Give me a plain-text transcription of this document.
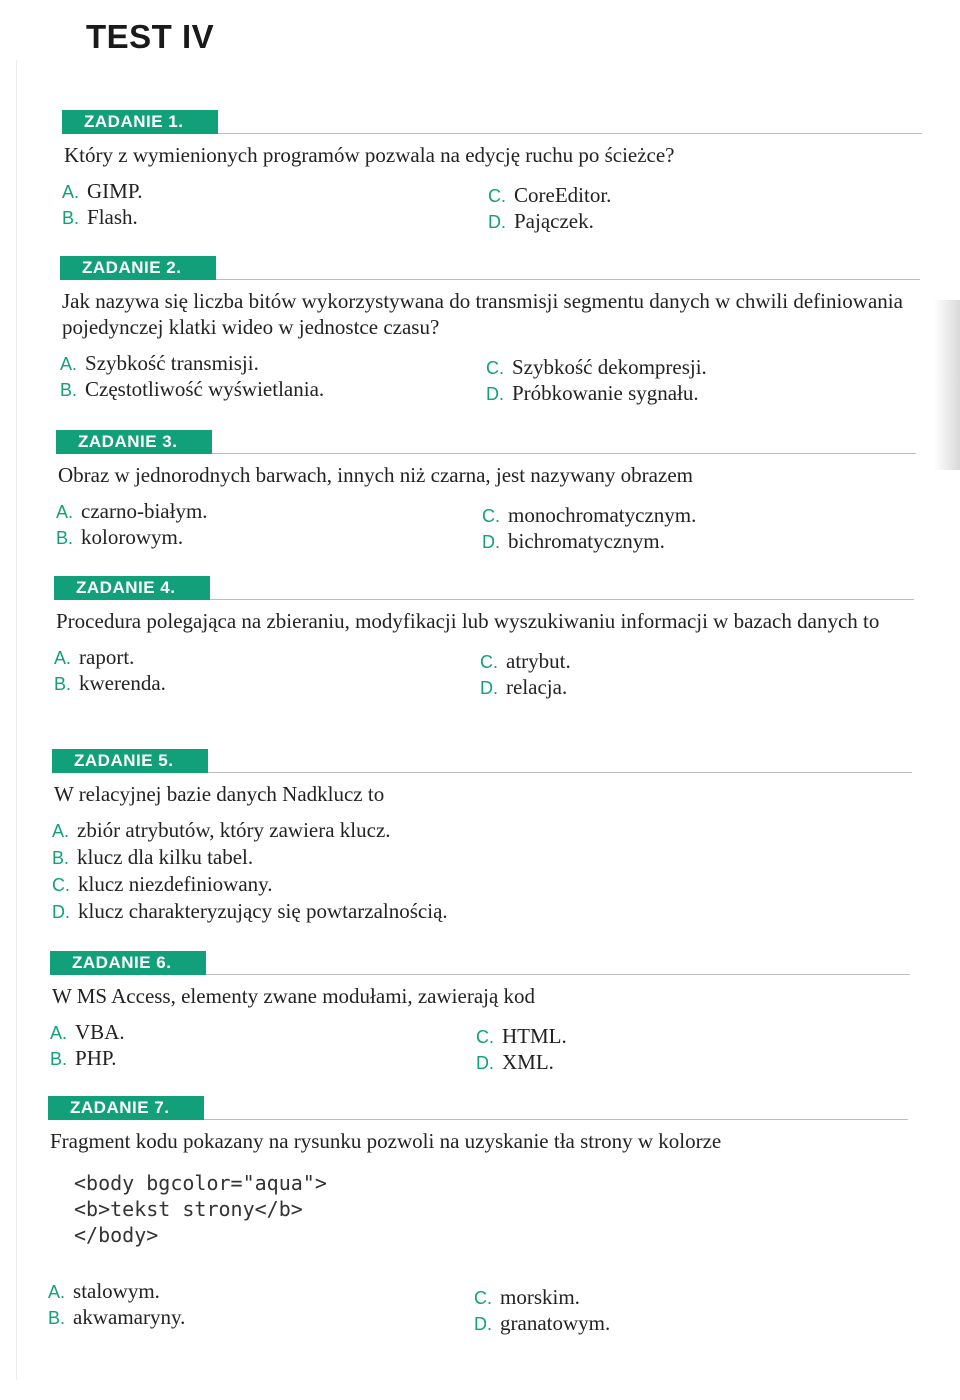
TEST IV
ZADANIE 1.

Który z wymienionych programów pozwala na edycję ruchu po ścieżce?

A. GIMP.
B. Flash.
C. CoreEditor.
D. Pajączek.
ZADANIE 2.

Jak nazywa się liczba bitów wykorzystywana do transmisji segmentu danych w chwili definiowania pojedynczej klatki wideo w jednostce czasu?

A. Szybkość transmisji.
B. Częstotliwość wyświetlania.
C. Szybkość dekompresji.
D. Próbkowanie sygnału.
ZADANIE 3.

Obraz w jednorodnych barwach, innych niż czarna, jest nazywany obrazem

A. czarno-białym.
B. kolorowym.
C. monochromatycznym.
D. bichromatycznym.
ZADANIE 4.

Procedura polegająca na zbieraniu, modyfikacji lub wyszukiwaniu informacji w bazach danych to

A. raport.
B. kwerenda.
C. atrybut.
D. relacja.
ZADANIE 5.

W relacyjnej bazie danych Nadklucz to

A. zbiór atrybutów, który zawiera klucz.
B. klucz dla kilku tabel.
C. klucz niezdefiniowany.
D. klucz charakteryzujący się powtarzalnością.
ZADANIE 6.

W MS Access, elementy zwane modułami, zawierają kod

A. VBA.
B. PHP.
C. HTML.
D. XML.
ZADANIE 7.

Fragment kodu pokazany na rysunku pozwoli na uzyskanie tła strony w kolorze

<body bgcolor="aqua">
<b>tekst strony</b>
</body>
A. stalowym.
B. akwamaryny.
C. morskim.
D. granatowym.
